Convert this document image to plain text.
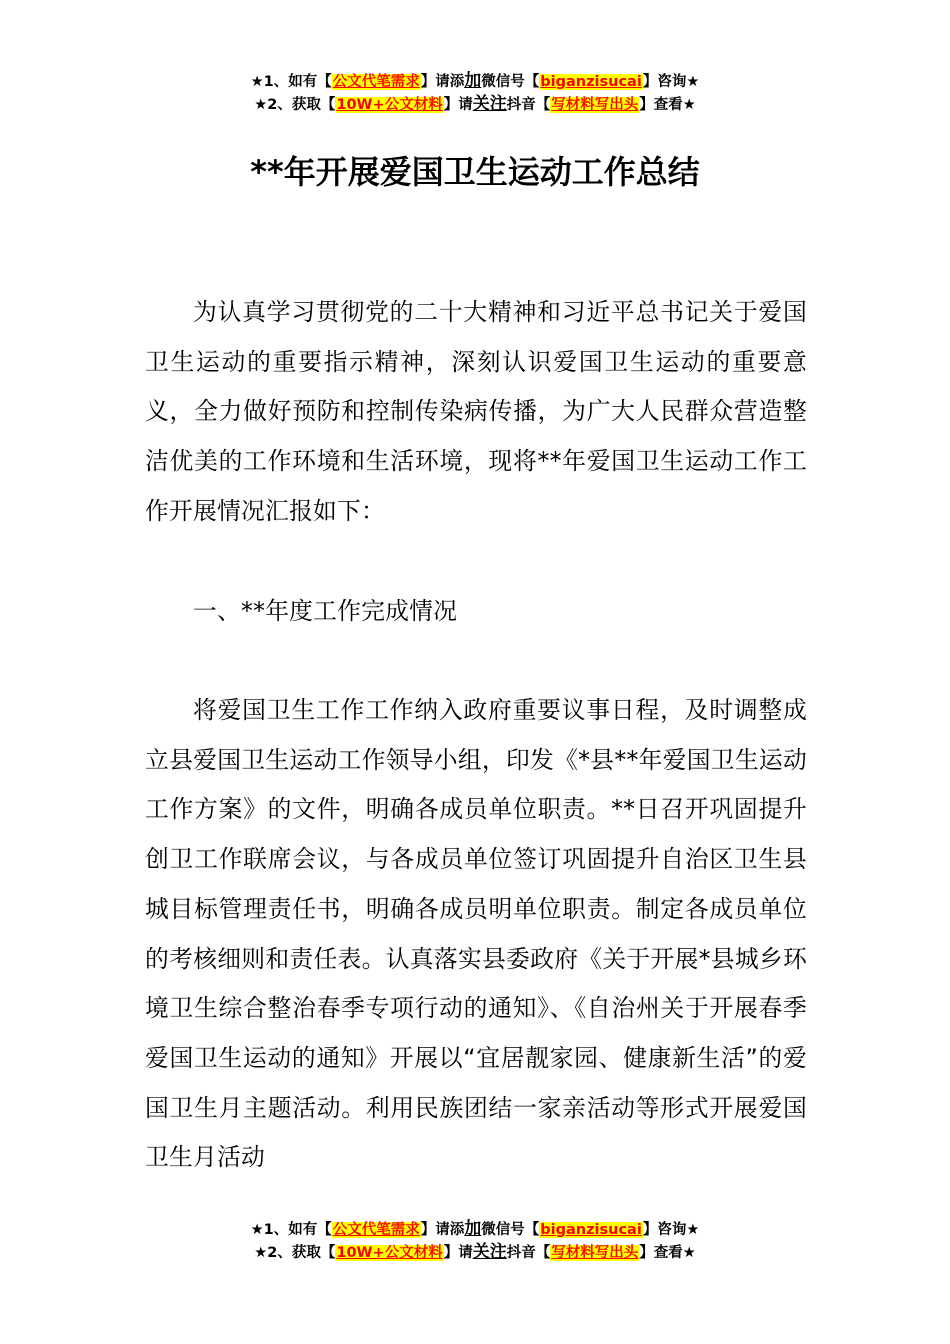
★1、如有【公文代笔需求】请添加微信号【biganzisucai】咨询★
★2、获取【10W+公文材料】请关注抖音【写材料写出头】查看★
**年开展爱国卫生运动工作总结

为认真学习贯彻党的二十大精神和习近平总书记关于爱国卫生运动的重要指示精神，深刻认识爱国卫生运动的重要意义，全力做好预防和控制传染病传播，为广大人民群众营造整洁优美的工作环境和生活环境，现将**年爱国卫生运动工作工作开展情况汇报如下：

一、**年度工作完成情况

将爱国卫生工作工作纳入政府重要议事日程，及时调整成立县爱国卫生运动工作领导小组，印发《*县**年爱国卫生运动工作方案》的文件，明确各成员单位职责。**日召开巩固提升创卫工作联席会议，与各成员单位签订巩固提升自治区卫生县城目标管理责任书，明确各成员明单位职责。制定各成员单位的考核细则和责任表。认真落实县委政府《关于开展*县城乡环境卫生综合整治春季专项行动的通知》、《自治州关于开展春季爱国卫生运动的通知》开展以“宜居靓家园、健康新生活”的爱国卫生月主题活动。利用民族团结一家亲活动等形式开展爱国卫生月活动

★1、如有【公文代笔需求】请添加微信号【biganzisucai】咨询★
★2、获取【10W+公文材料】请关注抖音【写材料写出头】查看★
